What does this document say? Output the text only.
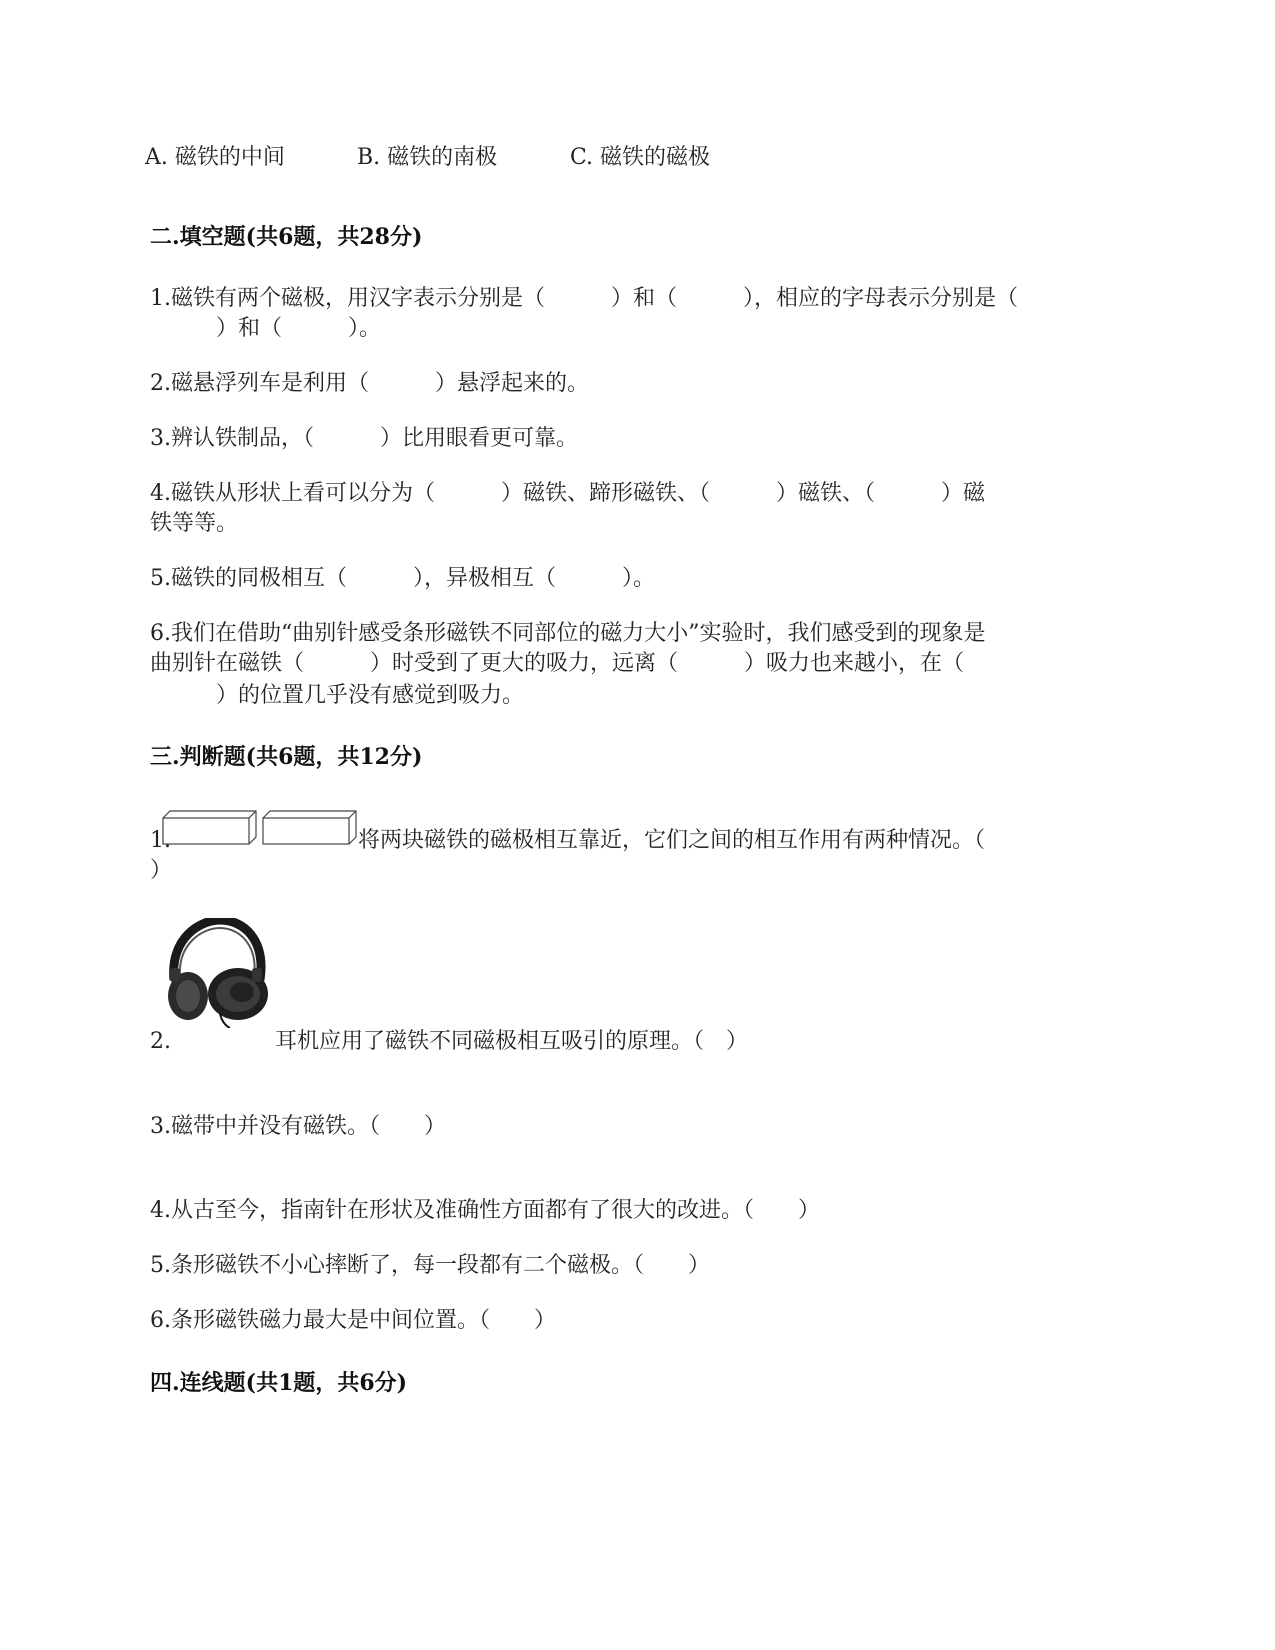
A. 磁铁的中间	B. 磁铁的南极	C. 磁铁的磁极
二.填空题(共6题，共28分)
1.磁铁有两个磁极，用汉字表示分别是（　　　）和（　　　），相应的字母表示分别是（
　　　）和（　　　）。
2.磁悬浮列车是利用（　　　）悬浮起来的。
3.辨认铁制品，（　　　）比用眼看更可靠。
4.磁铁从形状上看可以分为（　　　）磁铁、蹄形磁铁、（　　　）磁铁、（　　　）磁
铁等等。
5.磁铁的同极相互（　　　），异极相互（　　　）。
6.我们在借助“曲别针感受条形磁铁不同部位的磁力大小”实验时，我们感受到的现象是
曲别针在磁铁（　　　）时受到了更大的吸力，远离（　　　）吸力也来越小，在（
　　　）的位置几乎没有感觉到吸力。
三.判断题(共6题，共12分)
1.	将两块磁铁的磁极相互靠近，它们之间的相互作用有两种情况。（
）
2.	耳机应用了磁铁不同磁极相互吸引的原理。（　）
3.磁带中并没有磁铁。（　　）
4.从古至今，指南针在形状及准确性方面都有了很大的改进。（　　）
5.条形磁铁不小心摔断了，每一段都有二个磁极。（　　）
6.条形磁铁磁力最大是中间位置。（　　）
四.连线题(共1题，共6分)
